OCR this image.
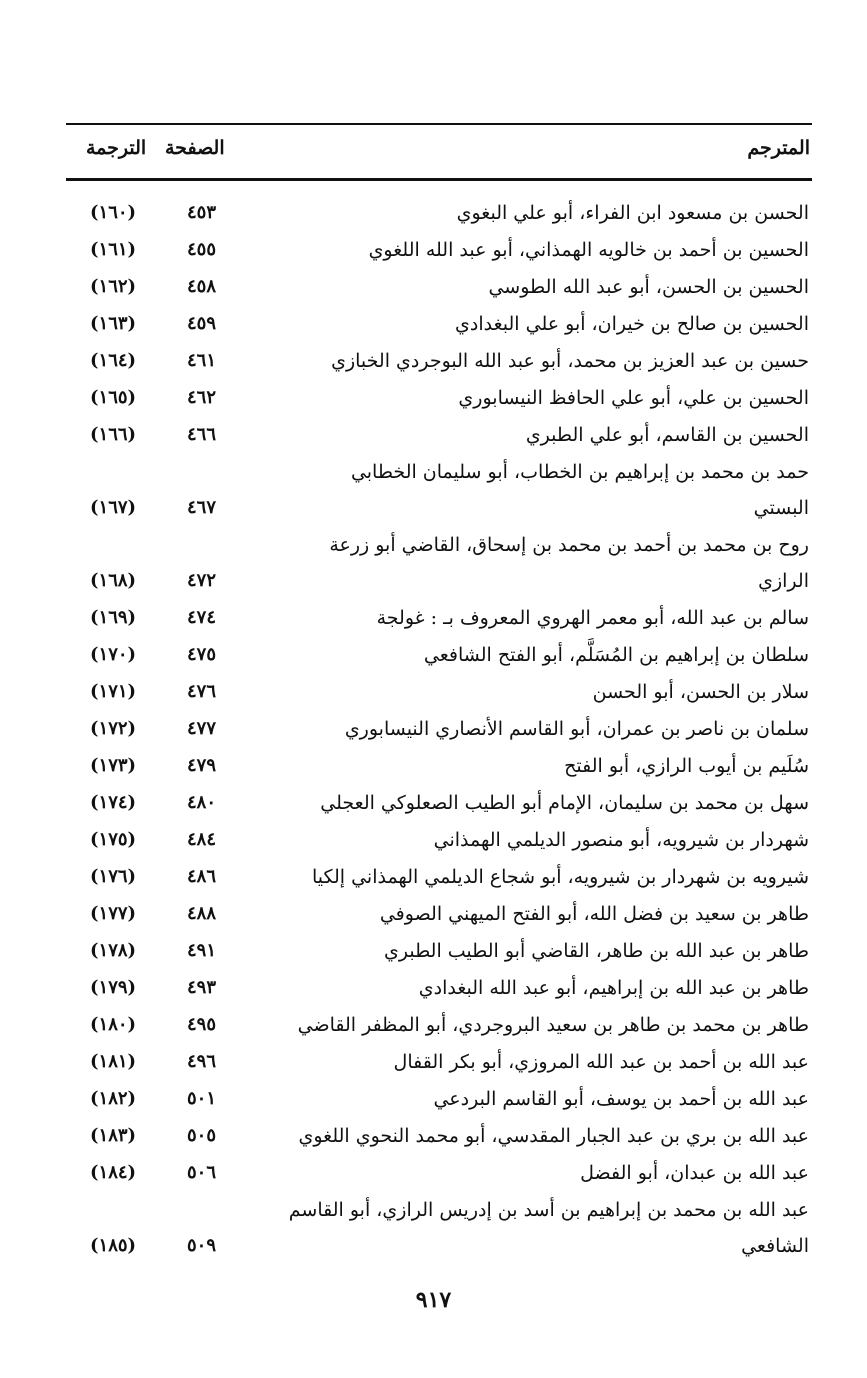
المترجم
الصفحة
الترجمة
الحسن بن مسعود ابن الفراء، أبو علي البغوي
٤٥٣
(١٦٠)
الحسين بن أحمد بن خالويه الهمذاني، أبو عبد الله اللغوي
٤٥٥
(١٦١)
الحسين بن الحسن، أبو عبد الله الطوسي
٤٥٨
(١٦٢)
الحسين بن صالح بن خيران، أبو علي البغدادي
٤٥٩
(١٦٣)
حسين بن عبد العزيز بن محمد، أبو عبد الله البوجردي الخبازي
٤٦١
(١٦٤)
الحسين بن علي، أبو علي الحافظ النيسابوري
٤٦٢
(١٦٥)
الحسين بن القاسم، أبو علي الطبري
٤٦٦
(١٦٦)
حمد بن محمد بن إبراهيم بن الخطاب، أبو سليمان الخطابي
البستي
٤٦٧
(١٦٧)
روح بن محمد بن أحمد بن محمد بن إسحاق، القاضي أبو زرعة
الرازي
٤٧٢
(١٦٨)
سالم بن عبد الله، أبو معمر الهروي المعروف بـ : غولجة
٤٧٤
(١٦٩)
سلطان بن إبراهيم بن المُسَلَّم، أبو الفتح الشافعي
٤٧٥
(١٧٠)
سلار بن الحسن، أبو الحسن
٤٧٦
(١٧١)
سلمان بن ناصر بن عمران، أبو القاسم الأنصاري النيسابوري
٤٧٧
(١٧٢)
سُلَيم بن أيوب الرازي، أبو الفتح
٤٧٩
(١٧٣)
سهل بن محمد بن سليمان، الإمام أبو الطيب الصعلوكي العجلي
٤٨٠
(١٧٤)
شهردار بن شيرويه، أبو منصور الديلمي الهمذاني
٤٨٤
(١٧٥)
شيرويه بن شهردار بن شيرويه، أبو شجاع الديلمي الهمذاني إلكيا
٤٨٦
(١٧٦)
طاهر بن سعيد بن فضل الله، أبو الفتح الميهني الصوفي
٤٨٨
(١٧٧)
طاهر بن عبد الله بن طاهر، القاضي أبو الطيب الطبري
٤٩١
(١٧٨)
طاهر بن عبد الله بن إبراهيم، أبو عبد الله البغدادي
٤٩٣
(١٧٩)
طاهر بن محمد بن طاهر بن سعيد البروجردي، أبو المظفر القاضي
٤٩٥
(١٨٠)
عبد الله بن أحمد بن عبد الله المروزي، أبو بكر القفال
٤٩٦
(١٨١)
عبد الله بن أحمد بن يوسف، أبو القاسم البردعي
٥٠١
(١٨٢)
عبد الله بن بري بن عبد الجبار المقدسي، أبو محمد النحوي اللغوي
٥٠٥
(١٨٣)
عبد الله بن عبدان، أبو الفضل
٥٠٦
(١٨٤)
عبد الله بن محمد بن إبراهيم بن أسد بن إدريس الرازي، أبو القاسم
الشافعي
٥٠٩
(١٨٥)
٩١٧
